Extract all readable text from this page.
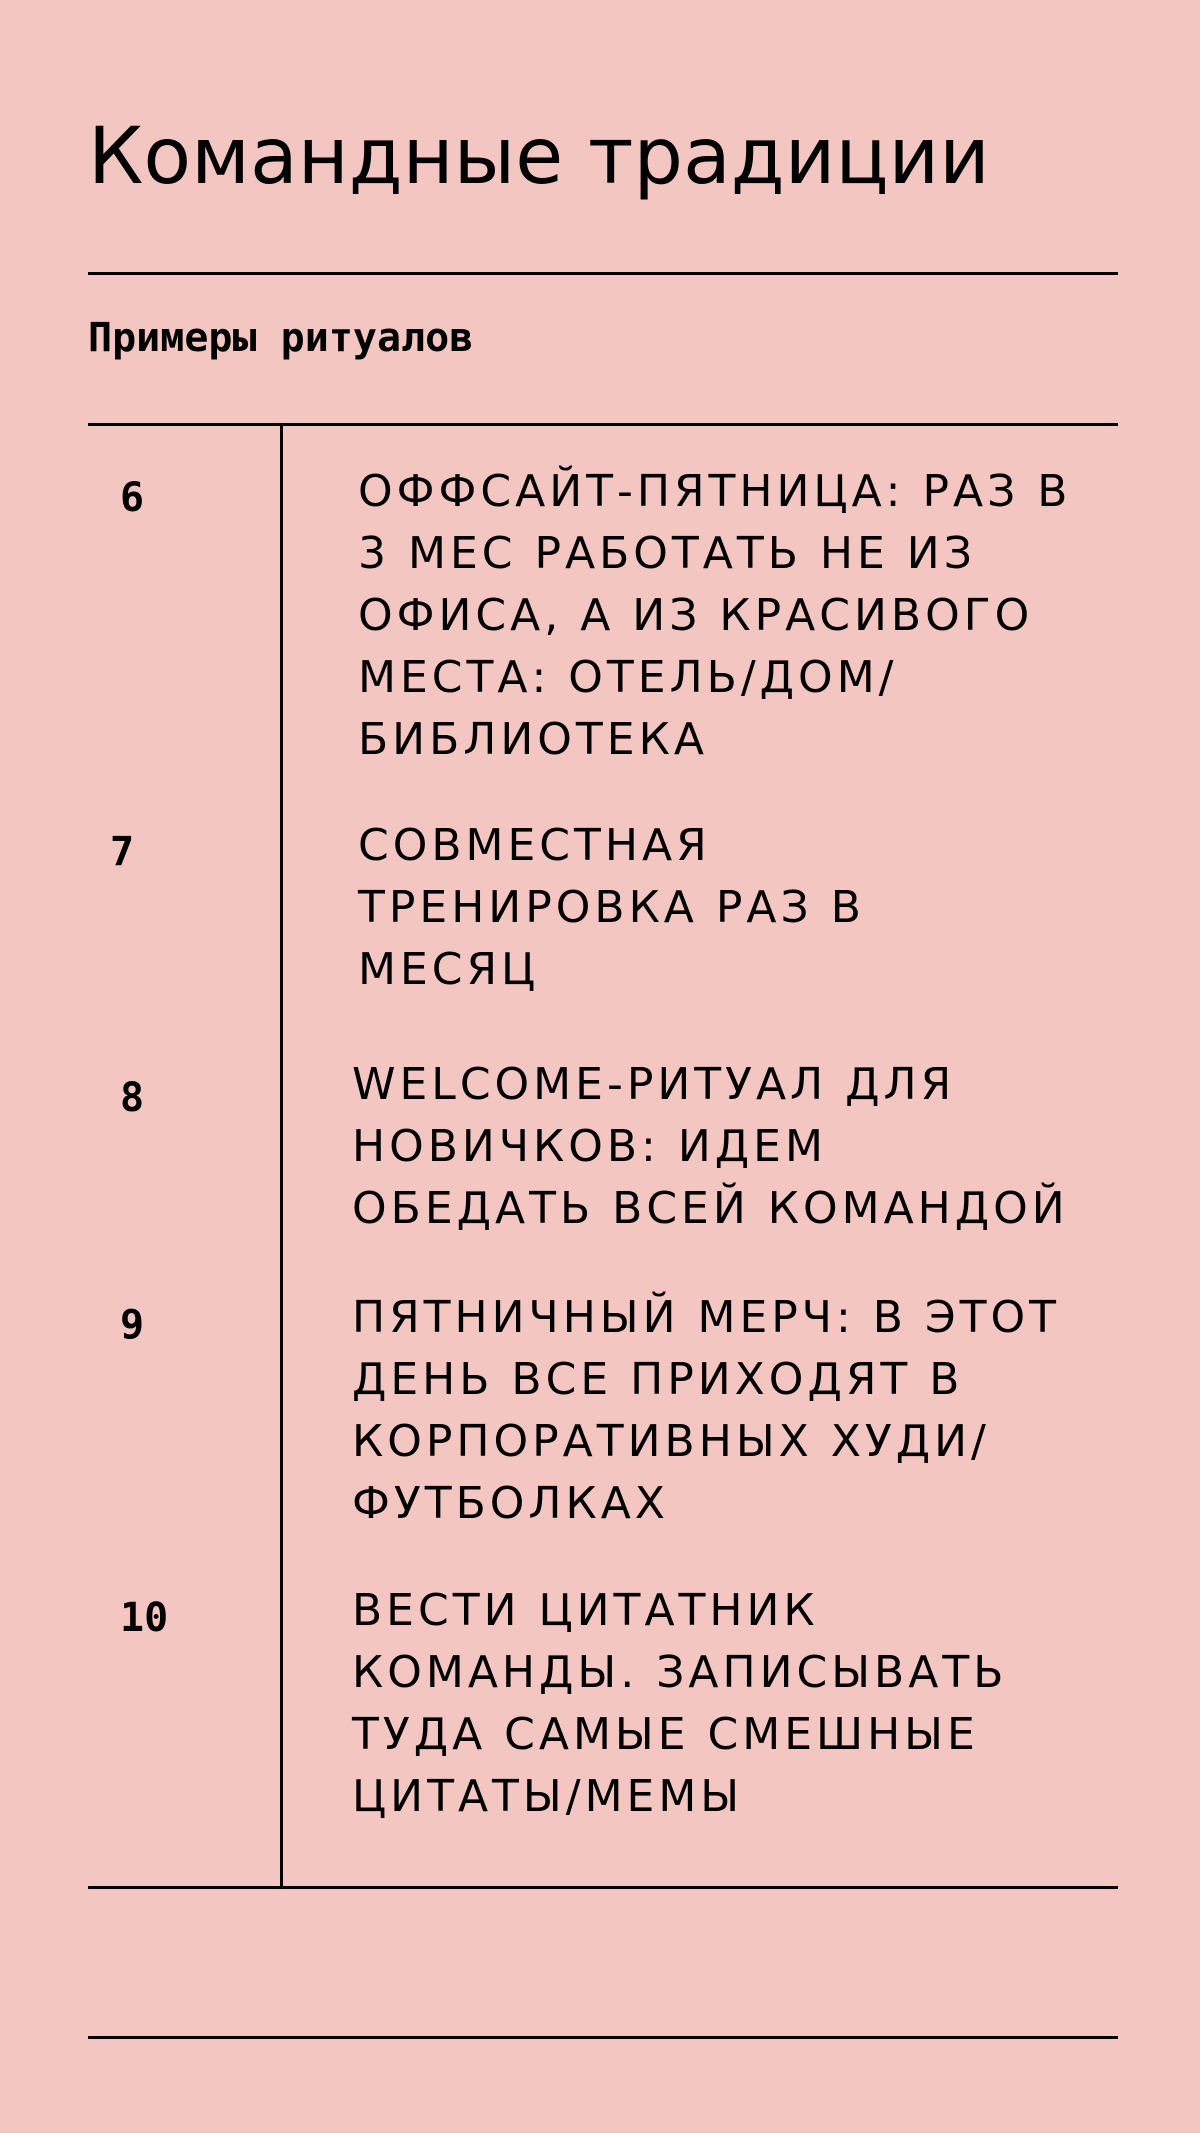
Командные традиции
Примеры ритуалов
6	ОФФСАЙТ-ПЯТНИЦА: РАЗ В
3 МЕС РАБОТАТЬ НЕ ИЗ
ОФИСА, А ИЗ КРАСИВОГО
МЕСТА: ОТЕЛЬ/ДОМ/
БИБЛИОТЕКА

7	СОВМЕСТНАЯ
ТРЕНИРОВКА РАЗ В
МЕСЯЦ

8	WELCOME-РИТУАЛ ДЛЯ
НОВИЧКОВ: ИДЕМ
ОБЕДАТЬ ВСЕЙ КОМАНДОЙ

9	ПЯТНИЧНЫЙ МЕРЧ: В ЭТОТ
ДЕНЬ ВСЕ ПРИХОДЯТ В
КОРПОРАТИВНЫХ ХУДИ/
ФУТБОЛКАХ

10	ВЕСТИ ЦИТАТНИК
КОМАНДЫ. ЗАПИСЫВАТЬ
ТУДА САМЫЕ СМЕШНЫЕ
ЦИТАТЫ/МЕМЫ
